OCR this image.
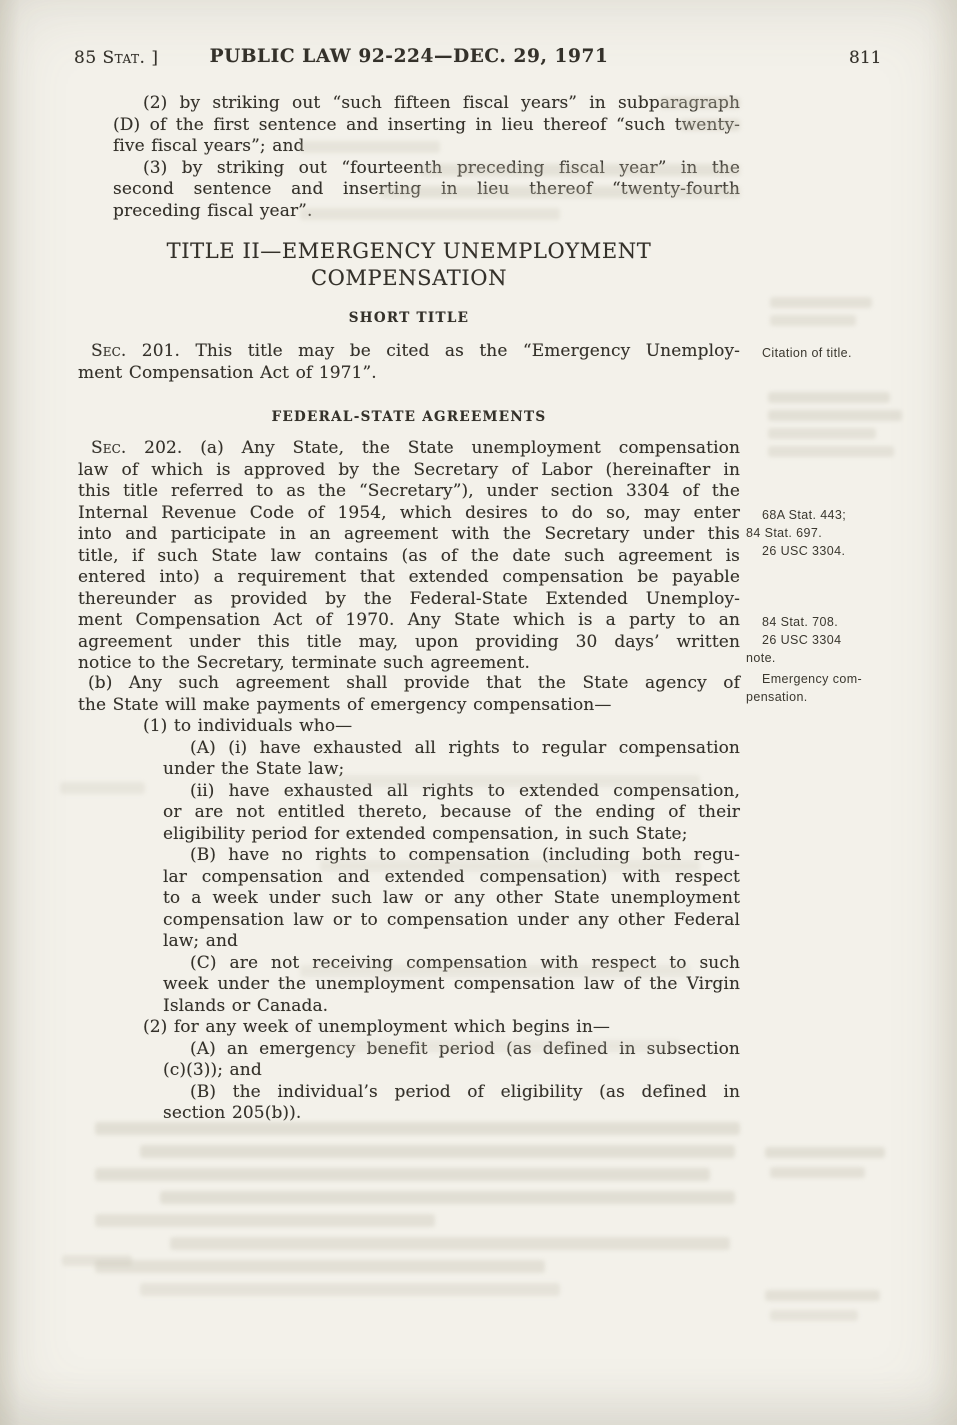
85 Stat. ]	PUBLIC LAW 92-224—DEC. 29, 1971	811
(2) by striking out “such fifteen fiscal years” in subparagraph
(D) of the first sentence and inserting in lieu thereof “such twenty-
five fiscal years”; and
(3) by striking out “fourteenth preceding fiscal year” in the
second sentence and inserting in lieu thereof “twenty-fourth
preceding fiscal year”.
TITLE II—EMERGENCY UNEMPLOYMENT
COMPENSATION
SHORT TITLE
Sec. 201. This title may be cited as the “Emergency Unemploy-
ment Compensation Act of 1971”.
FEDERAL-STATE AGREEMENTS
Sec. 202. (a) Any State, the State unemployment compensation
law of which is approved by the Secretary of Labor (hereinafter in
this title referred to as the “Secretary”), under section 3304 of the
Internal Revenue Code of 1954, which desires to do so, may enter
into and participate in an agreement with the Secretary under this
title, if such State law contains (as of the date such agreement is
entered into) a requirement that extended compensation be payable
thereunder as provided by the Federal-State Extended Unemploy-
ment Compensation Act of 1970. Any State which is a party to an
agreement under this title may, upon providing 30 days’ written
notice to the Secretary, terminate such agreement.
(b) Any such agreement shall provide that the State agency of
the State will make payments of emergency compensation—
(1) to individuals who—
(A) (i) have exhausted all rights to regular compensation
under the State law;
(ii) have exhausted all rights to extended compensation,
or are not entitled thereto, because of the ending of their
eligibility period for extended compensation, in such State;
(B) have no rights to compensation (including both regu-
lar compensation and extended compensation) with respect
to a week under such law or any other State unemployment
compensation law or to compensation under any other Federal
law; and
(C) are not receiving compensation with respect to such
week under the unemployment compensation law of the Virgin
Islands or Canada.
(2) for any week of unemployment which begins in—
(A) an emergency benefit period (as defined in subsection
(c)(3)); and
(B) the individual’s period of eligibility (as defined in
section 205(b)).
Citation of title.
68A Stat. 443;
84 Stat. 697.
26 USC 3304.
84 Stat. 708.
26 USC 3304
note.
Emergency com-
pensation.
